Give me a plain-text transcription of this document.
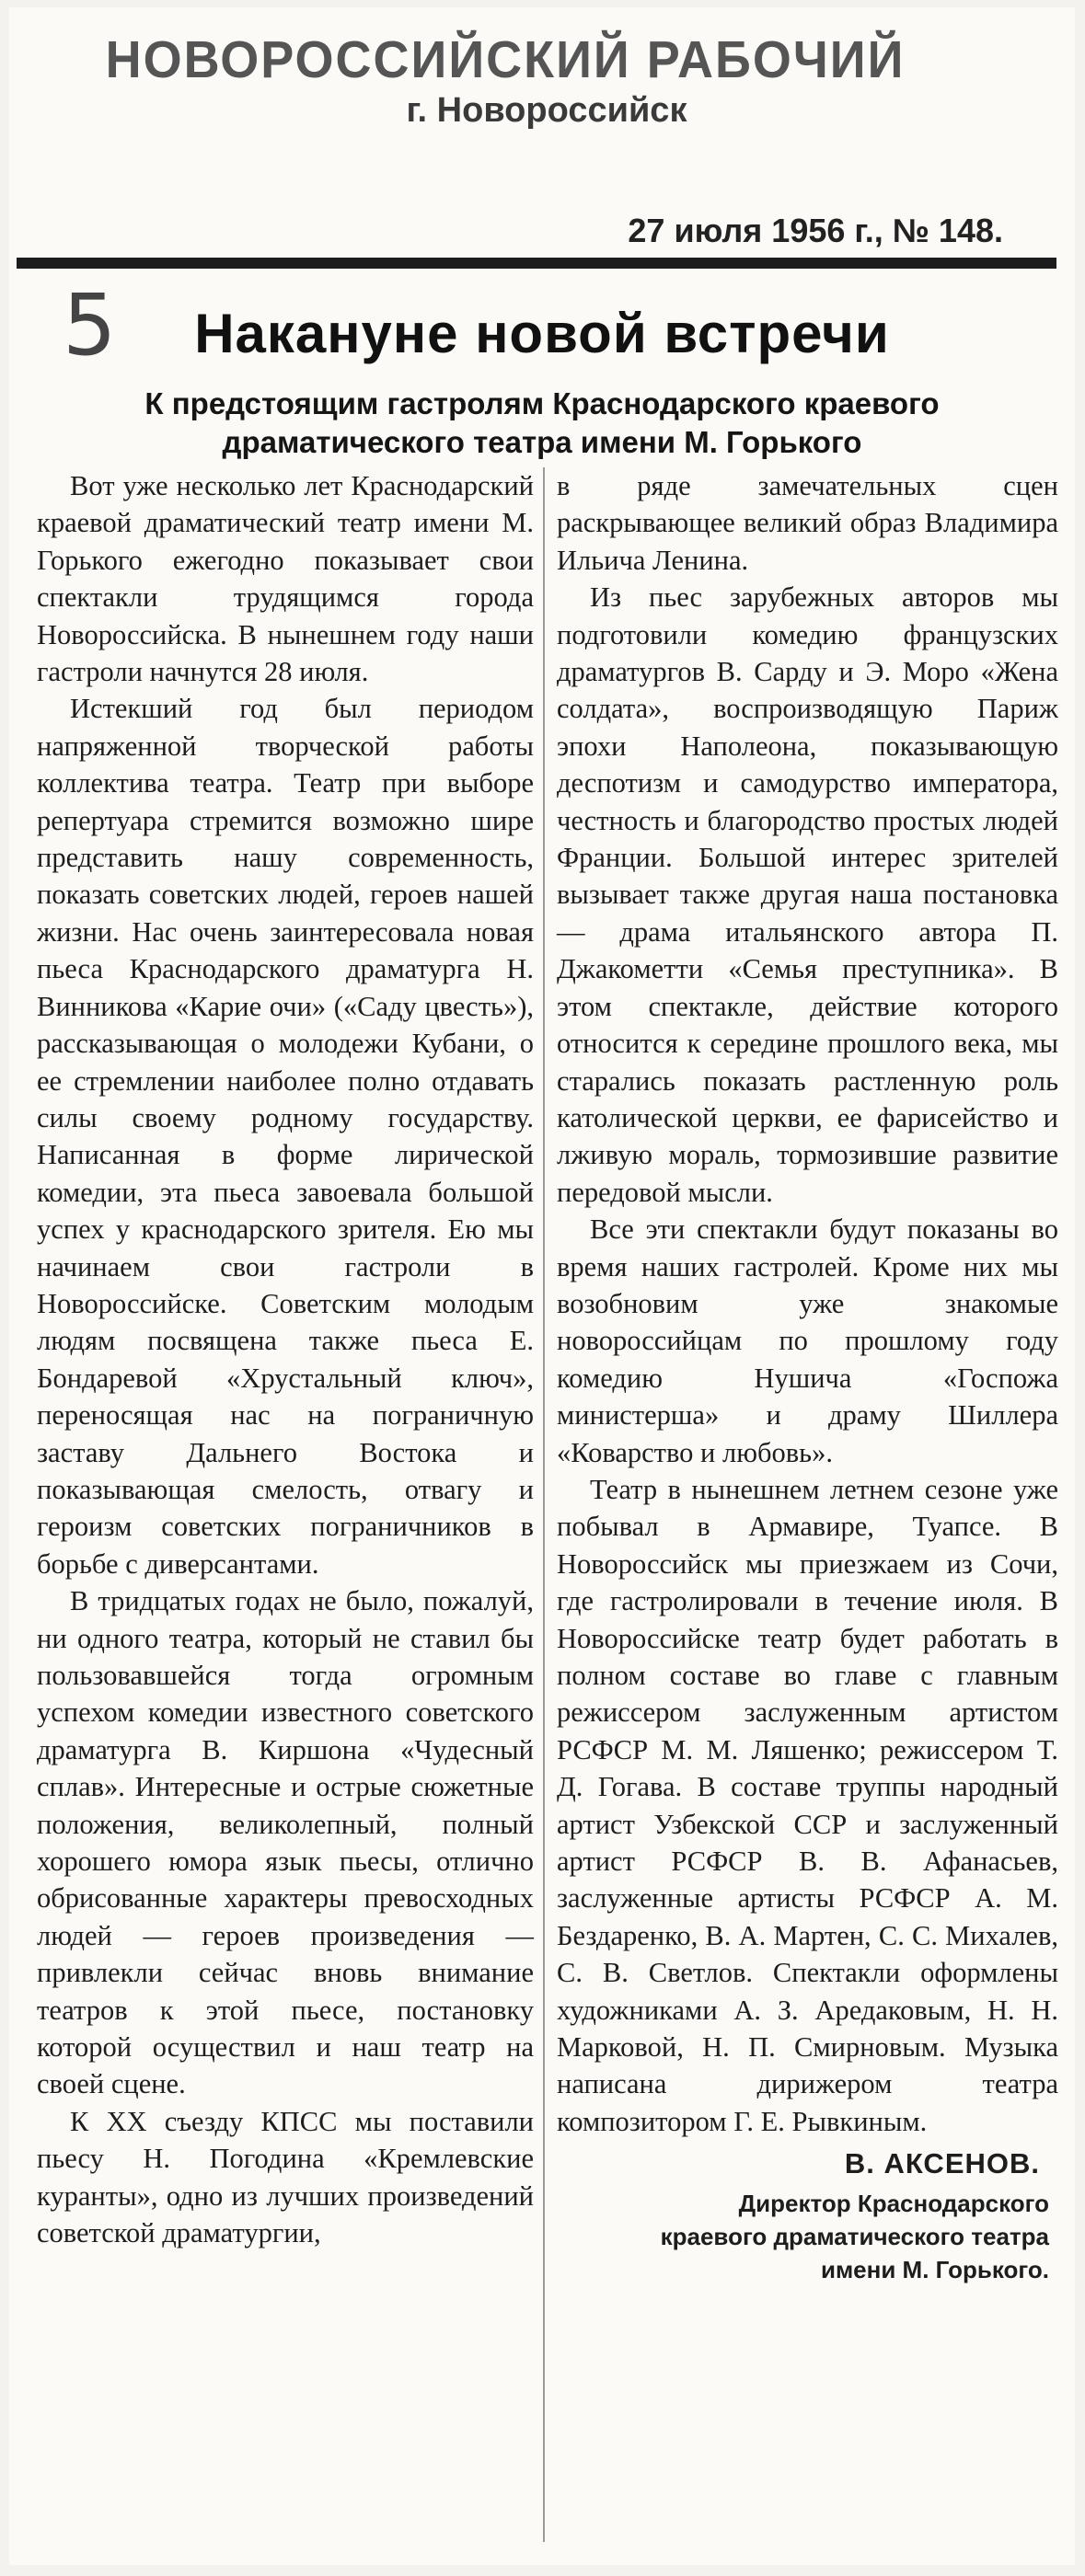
НОВОРОССИЙСКИЙ РАБОЧИЙ
г. Новороссийск
27 июля 1956 г., № 148.
5	Накануне новой встречи
К предстоящим гастролям Краснодарского краевого
драматического театра имени М. Горького

Вот уже несколько лет Краснодарский краевой драматический театр имени М. Горького ежегодно показывает свои спектакли трудящимся города Новороссийска. В нынешнем году наши гастроли начнутся 28 июля.

Истекший год был периодом напряженной творческой работы коллектива театра. Театр при выборе репертуара стремится возможно шире представить нашу современность, показать советских людей, героев нашей жизни. Нас очень заинтересовала новая пьеса Краснодарского драматурга Н. Винникова «Карие очи» («Саду цвесть»), рассказывающая о молодежи Кубани, о ее стремлении наиболее полно отдавать силы своему родному государству. Написанная в форме лирической комедии, эта пьеса завоевала большой успех у краснодарского зрителя. Ею мы начинаем свои гастроли в Новороссийске. Советским молодым людям посвящена также пьеса Е. Бондаревой «Хрустальный ключ», переносящая нас на пограничную заставу Дальнего Востока и показывающая смелость, отвагу и героизм советских пограничников в борьбе с диверсантами.

В тридцатых годах не было, пожалуй, ни одного театра, который не ставил бы пользовавшейся тогда огромным успехом комедии известного советского драматурга В. Киршона «Чудесный сплав». Интересные и острые сюжетные положения, великолепный, полный хорошего юмора язык пьесы, отлично обрисованные характеры превосходных людей — героев произведения — привлекли сейчас вновь внимание театров к этой пьесе, постановку которой осуществил и наш театр на своей сцене.

К XX съезду КПСС мы поставили пьесу Н. Погодина «Кремлевские куранты», одно из лучших произведений советской драматургии,

в ряде замечательных сцен раскрывающее великий образ Владимира Ильича Ленина.

Из пьес зарубежных авторов мы подготовили комедию французских драматургов В. Сарду и Э. Моро «Жена солдата», воспроизводящую Париж эпохи Наполеона, показывающую деспотизм и самодурство императора, честность и благородство простых людей Франции. Большой интерес зрителей вызывает также другая наша постановка — драма итальянского автора П. Джакометти «Семья преступника». В этом спектакле, действие которого относится к середине прошлого века, мы старались показать растленную роль католической церкви, ее фарисейство и лживую мораль, тормозившие развитие передовой мысли.

Все эти спектакли будут показаны во время наших гастролей. Кроме них мы возобновим уже знакомые новороссийцам по прошлому году комедию Нушича «Госпожа министерша» и драму Шиллера «Коварство и любовь».

Театр в нынешнем летнем сезоне уже побывал в Армавире, Туапсе. В Новороссийск мы приезжаем из Сочи, где гастролировали в течение июля. В Новороссийске театр будет работать в полном составе во главе с главным режиссером заслуженным артистом РСФСР М. М. Ляшенко; режиссером Т. Д. Гогава. В составе труппы народный артист Узбекской ССР и заслуженный артист РСФСР В. В. Афанасьев, заслуженные артисты РСФСР А. М. Бездаренко, В. А. Мартен, С. С. Михалев, С. В. Светлов. Спектакли оформлены художниками А. З. Аредаковым, Н. Н. Марковой, Н. П. Смирновым. Музыка написана дирижером театра композитором Г. Е. Рывкиным.

В. АКСЕНОВ.
Директор Краснодарского
краевого драматического театра
имени М. Горького.
